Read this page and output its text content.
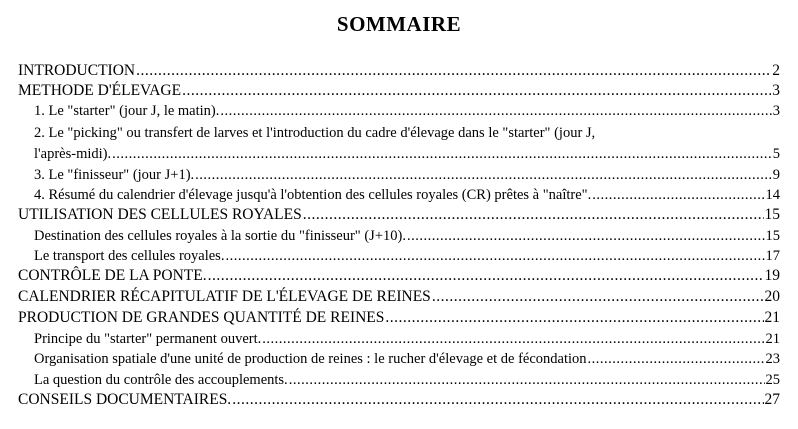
SOMMAIRE
INTRODUCTION .....	2
METHODE D'ÉLEVAGE .....	3
1. Le "starter" (jour J, le matin). .....	3
2. Le "picking" ou transfert de larves et l'introduction du cadre d'élevage dans le "starter" (jour J,
l'après-midi). .....	5
3. Le "finisseur" (jour J+1). .....	9
4. Résumé du calendrier d'élevage jusqu'à l'obtention des cellules royales (CR) prêtes à "naître". .....	14
UTILISATION DES CELLULES ROYALES .....	15
Destination des cellules royales à la sortie du "finisseur" (J+10). .....	15
Le transport des cellules royales. .....	17
CONTRÔLE DE LA PONTE. .....	19
CALENDRIER RÉCAPITULATIF DE L'ÉLEVAGE DE REINES .....	20
PRODUCTION DE GRANDES QUANTITÉ DE REINES .....	21
Principe du "starter" permanent ouvert. .....	21
Organisation spatiale d'une unité de production de reines : le rucher d'élevage et de fécondation .....	23
La question du contrôle des accouplements. .....	25
CONSEILS DOCUMENTAIRES. .....	27
